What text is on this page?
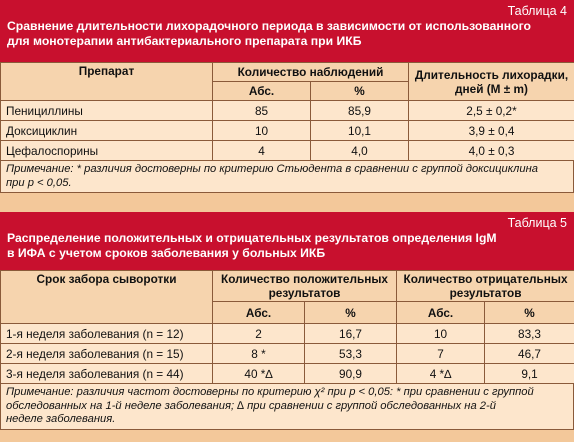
Таблица 4
Сравнение длительности лихорадочного периода в зависимости от использованного
для монотерапии антибактериального препарата при ИКБ
Препарат	Количество наблюдений		Длительность лихорадки,
дней (M ± m)
	Абс.	%	
Пенициллины	85	85,9	2,5 ± 0,2*
Доксициклин	10	10,1	3,9 ± 0,4
Цефалоспорины	4	4,0	4,0 ± 0,3
Примечание: * различия достоверны по критерию Стьюдента в сравнении с группой доксициклина
при p < 0,05.
Таблица 5
Распределение положительных и отрицательных результатов определения IgM
в ИФА с учетом сроков заболевания у больных ИКБ
Срок забора сыворотки	Количество положительных
результатов		Количество отрицательных
результатов	
	Абс.	%	Абс.	%
1-я неделя заболевания (n = 12)	2	16,7	10	83,3
2-я неделя заболевания (n = 15)	8 *	53,3	7	46,7
3-я неделя заболевания (n = 44)	40 *∆	90,9	4 *∆	9,1
Примечание: различия частот достоверны по критерию χ² при p < 0,05: * при сравнении с группой
обследованных на 1-й неделе заболевания; ∆ при сравнении с группой обследованных на 2-й
неделе заболевания.
